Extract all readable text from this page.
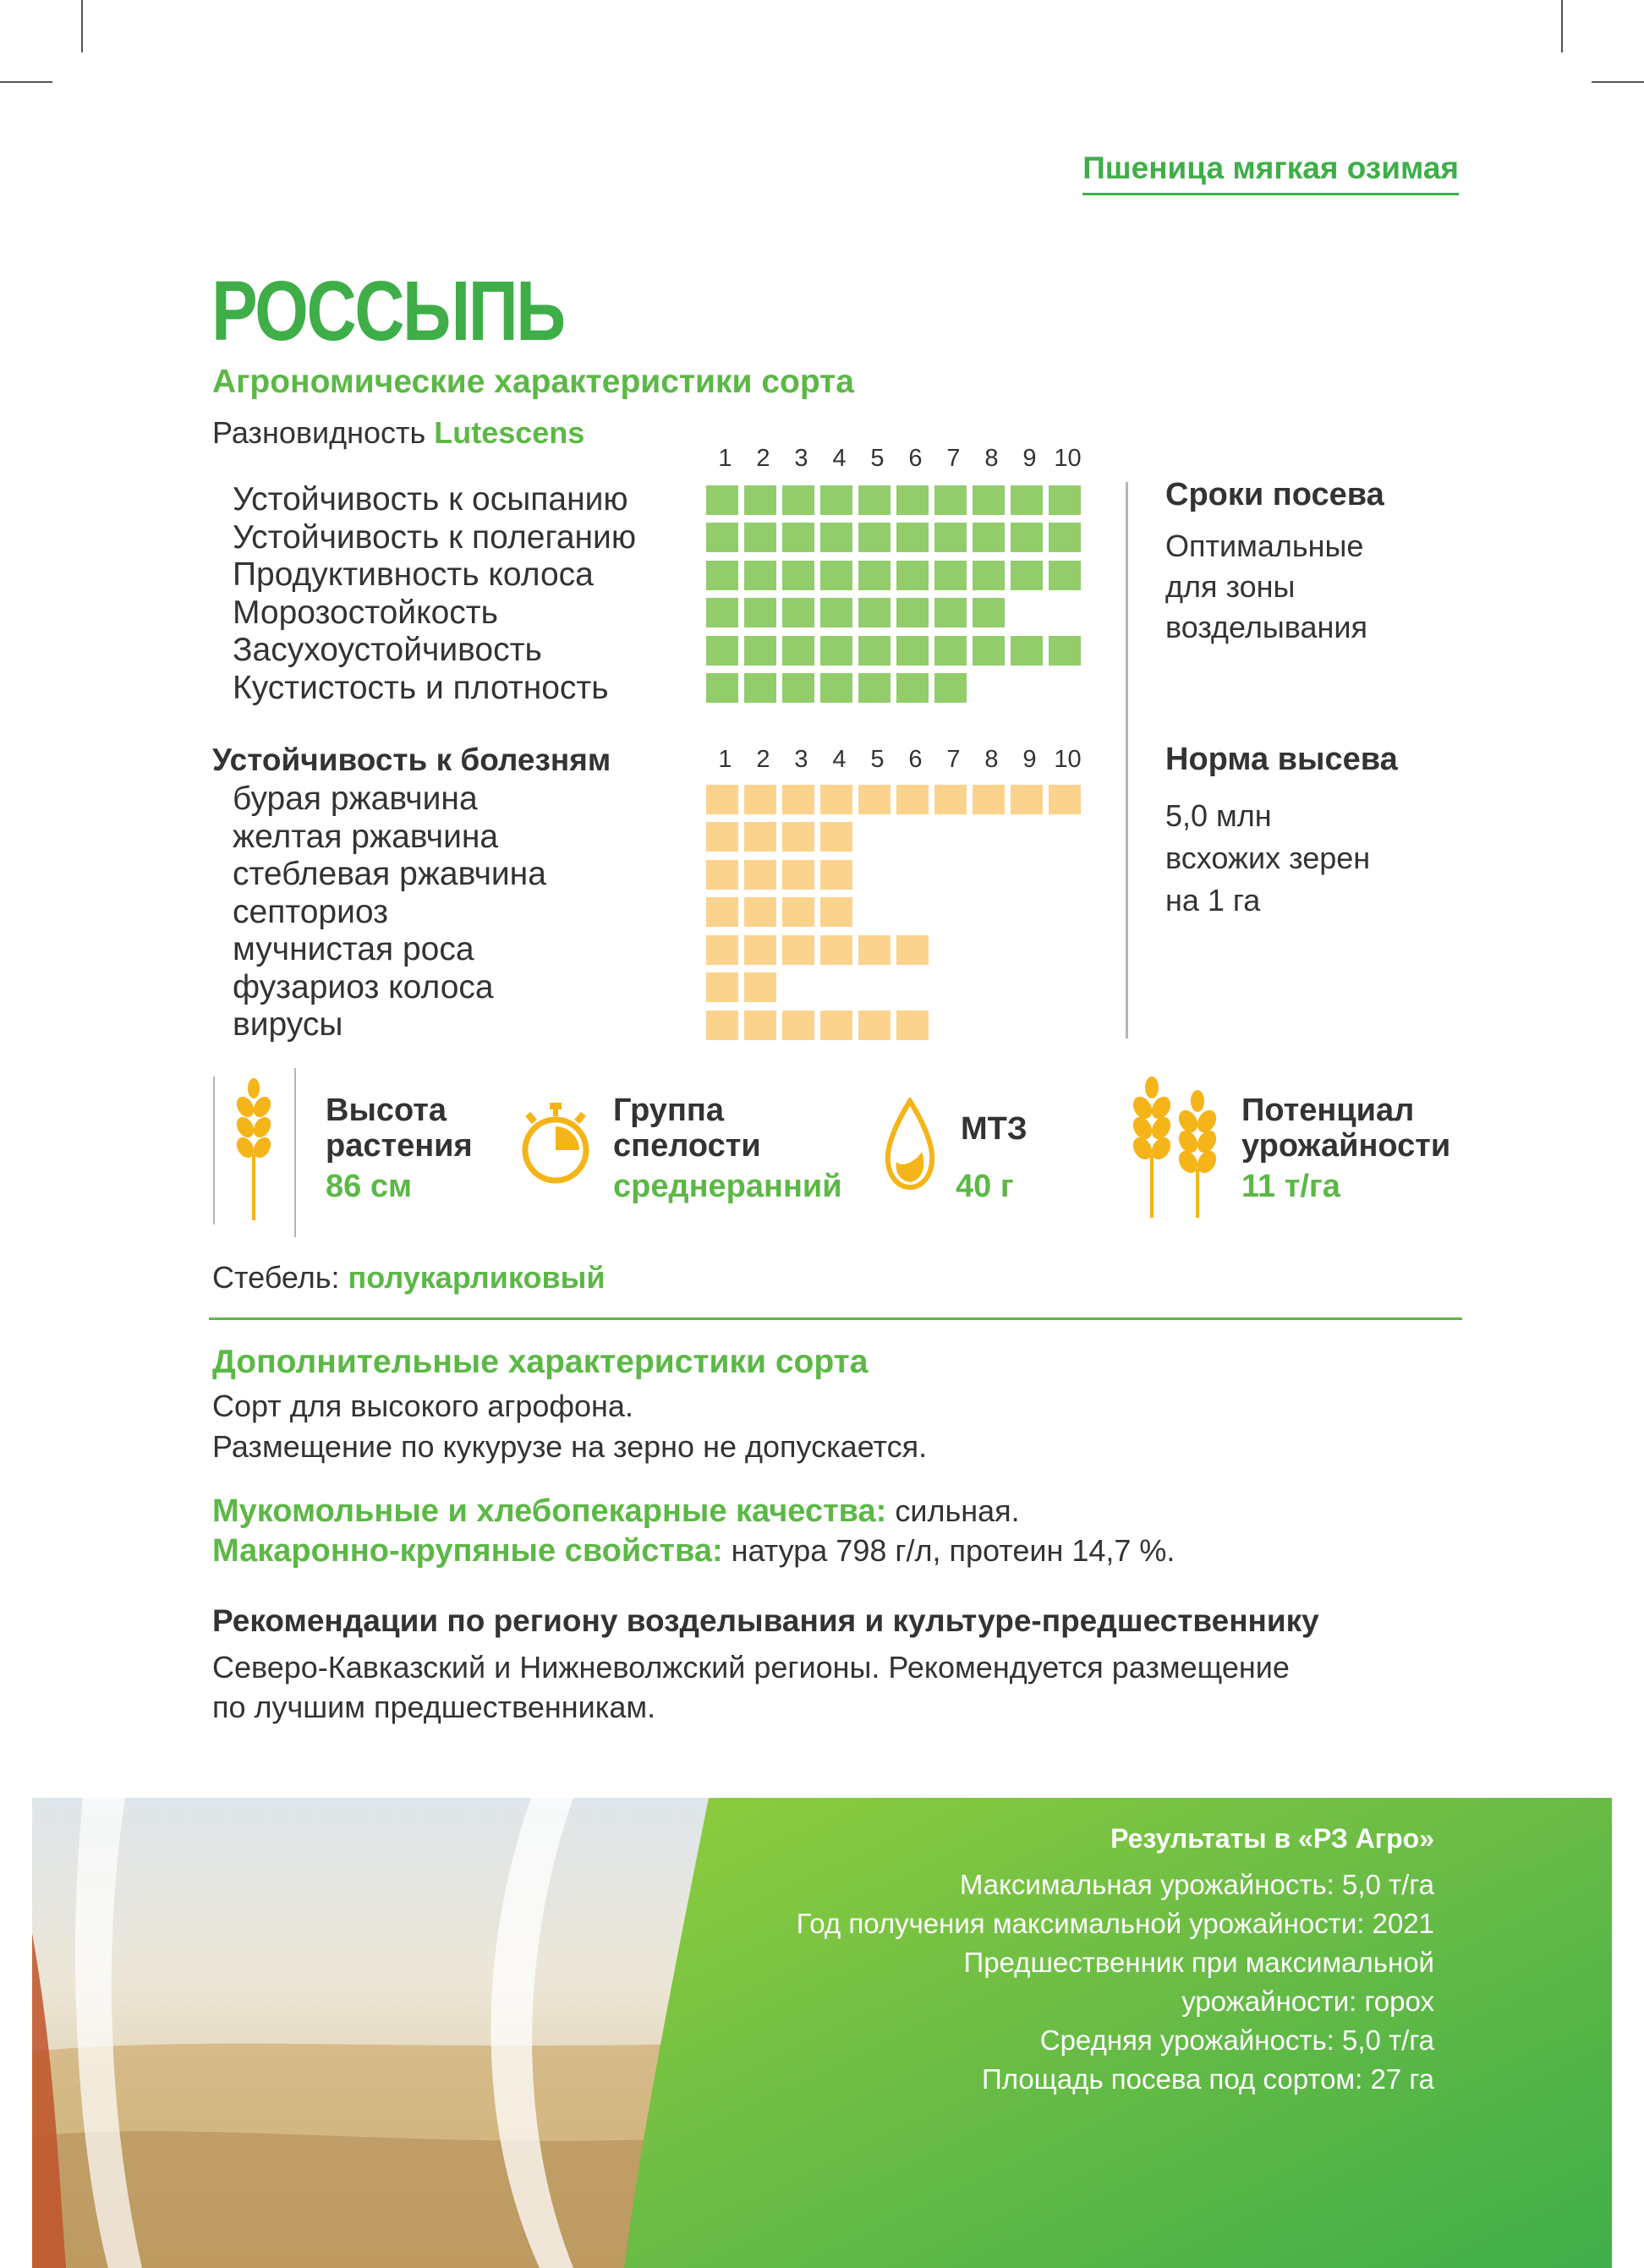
Пшеница мягкая озимая
РОССЫПЬ
Агрономические характеристики сорта
Разновидность Lutescens
1 2 3 4 5 6 7 8 9 10
Устойчивость к осыпанию
Устойчивость к полеганию
Продуктивность колоса
Морозостойкость
Засухоустойчивость
Кустистость и плотность
Устойчивость к болезням	1 2 3 4 5 6 7 8 9 10
бурая ржавчина
желтая ржавчина
стеблевая ржавчина
септориоз
мучнистая роса
фузариоз колоса
вирусы
Сроки посева
Оптимальные
для зоны
возделывания
Норма высева
5,0 млн
всхожих зерен
на 1 га
Высота
растения
86 см
Группа
спелости
среднеранний
МТЗ
40 г
Потенциал
урожайности
11 т/га
Стебель: полукарликовый
Дополнительные характеристики сорта
Сорт для высокого агрофона.
Размещение по кукурузе на зерно не допускается.
Мукомольные и хлебопекарные качества: сильная.
Макаронно-крупяные свойства: натура 798 г/л, протеин 14,7 %.
Рекомендации по региону возделывания и культуре-предшественнику
Северо-Кавказский и Нижневолжский регионы. Рекомендуется размещение
по лучшим предшественникам.
Результаты в «РЗ Агро»
Максимальная урожайность: 5,0 т/га
Год получения максимальной урожайности: 2021
Предшественник при максимальной
урожайности: горох
Средняя урожайность: 5,0 т/га
Площадь посева под сортом: 27 га
